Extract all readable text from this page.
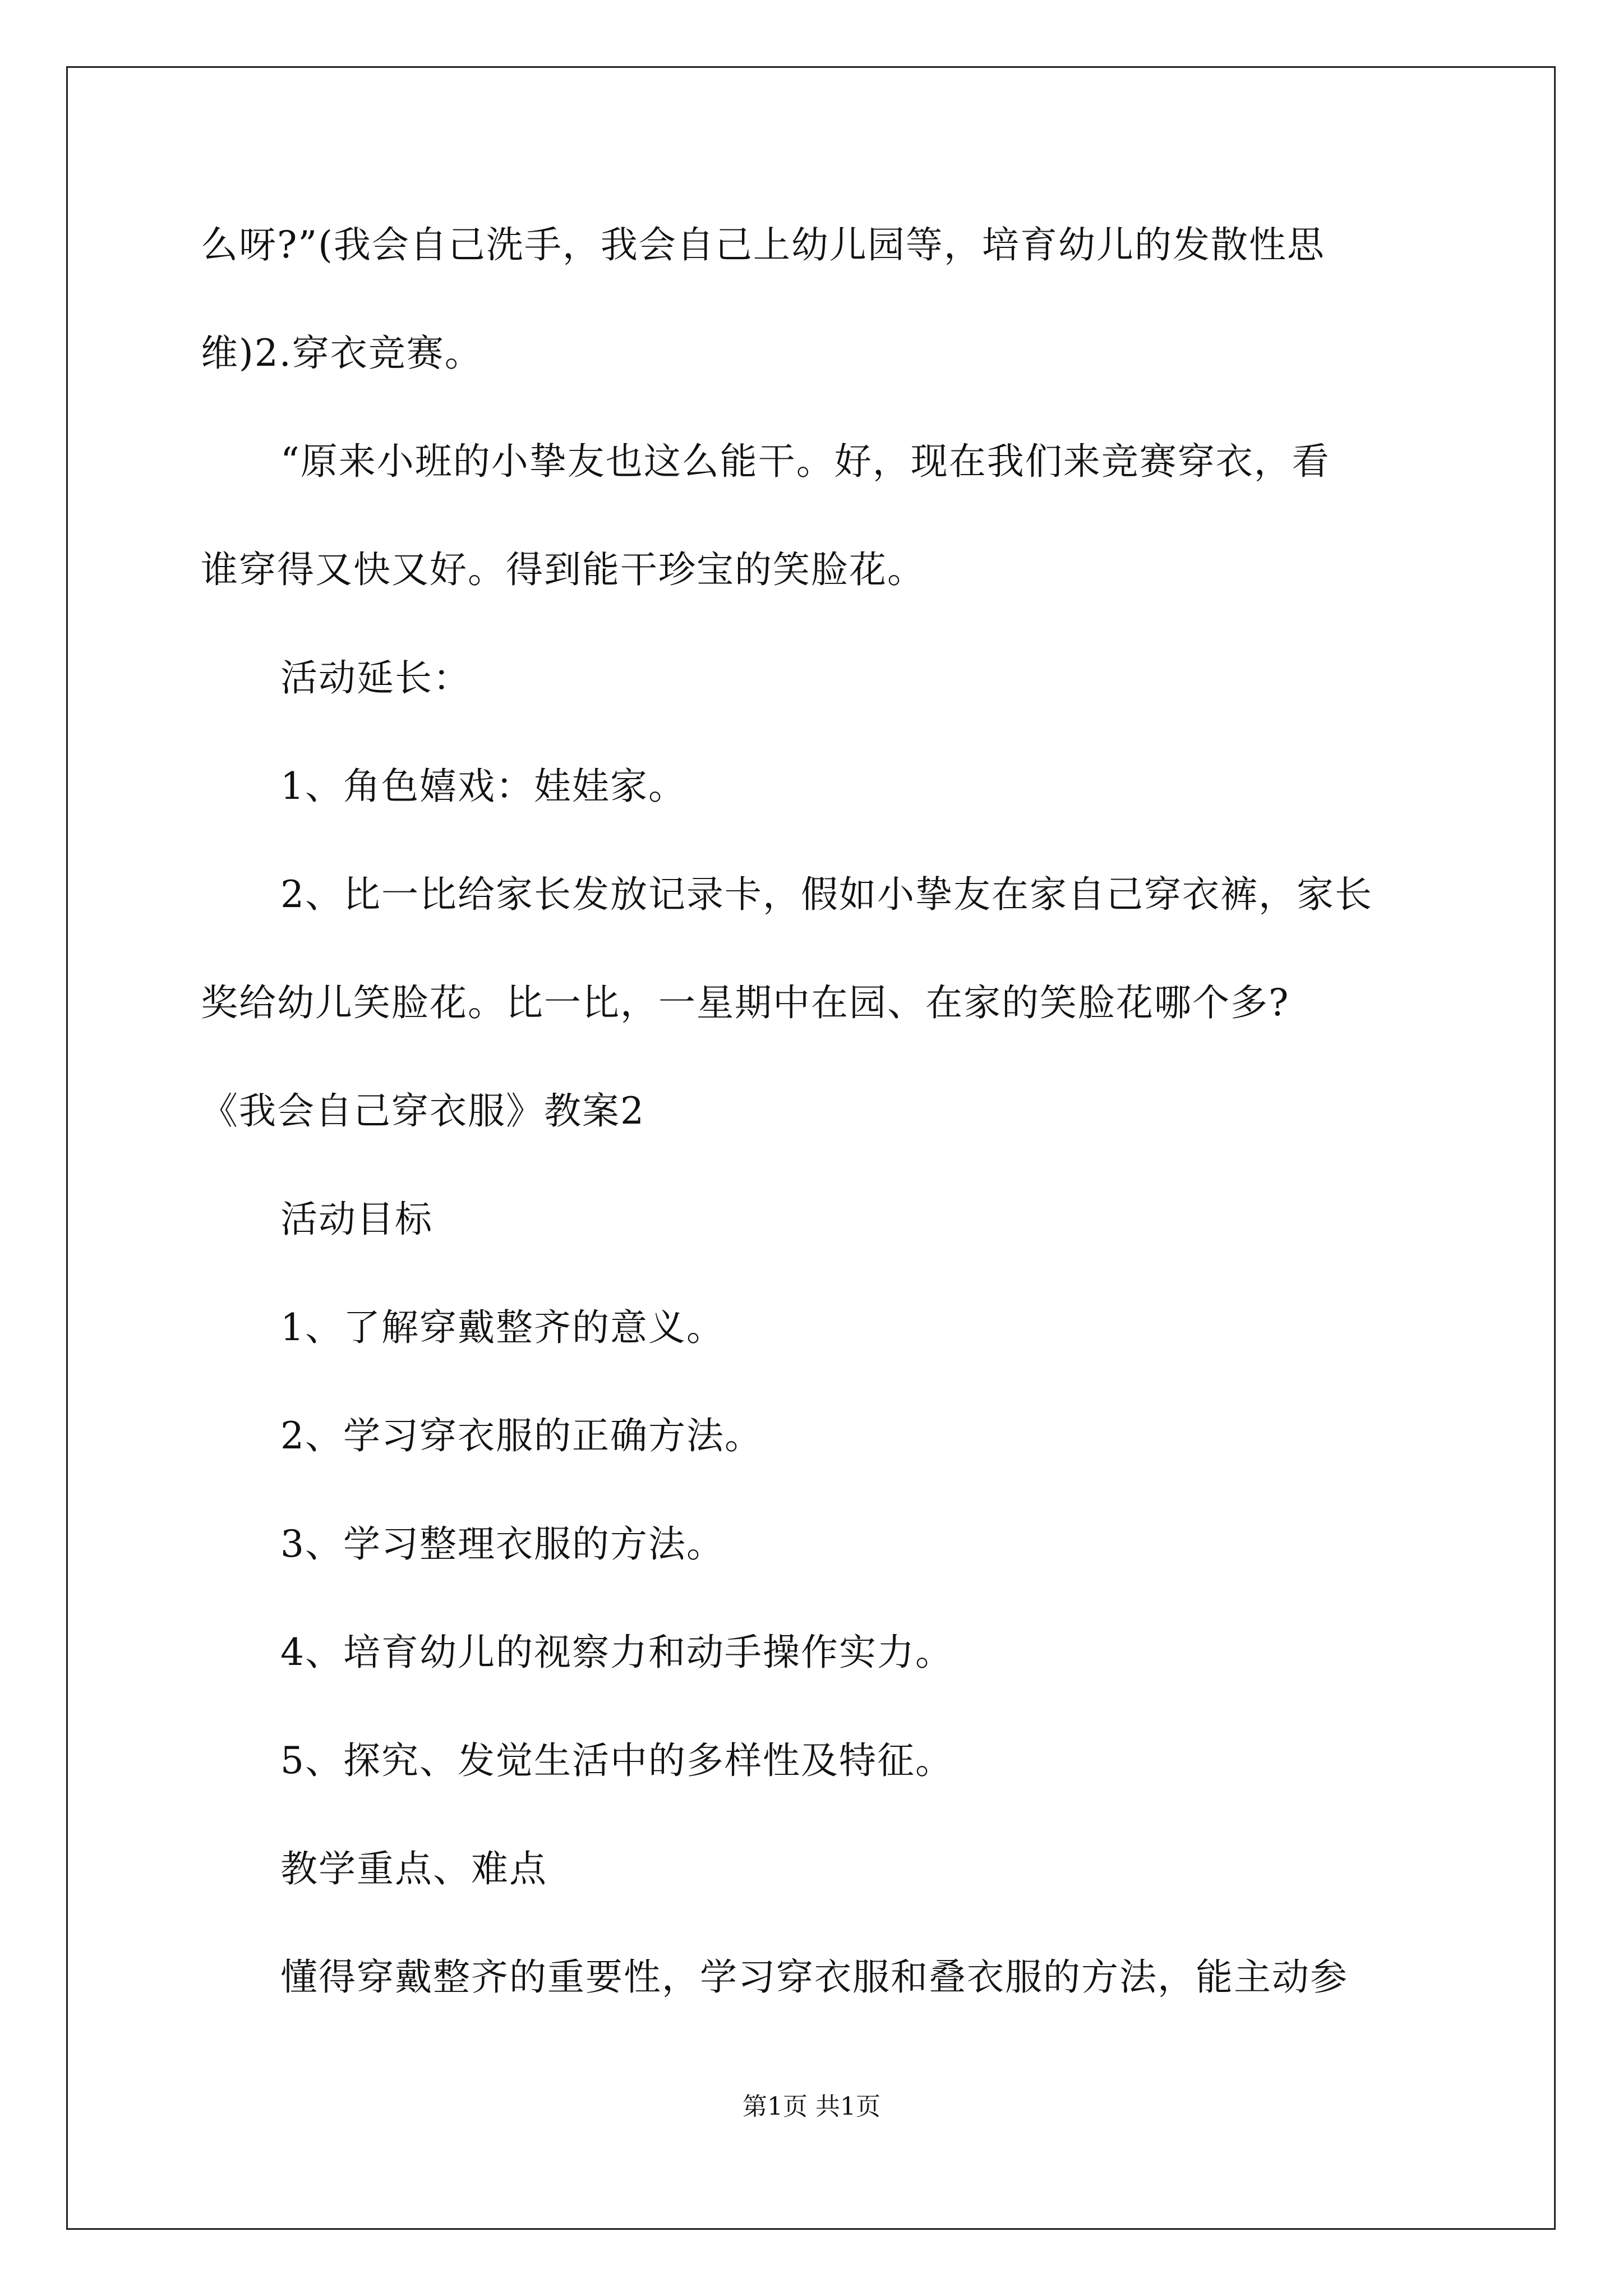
么呀?”(我会自己洗手，我会自己上幼儿园等，培育幼儿的发散性思
维)2.穿衣竞赛。
“原来小班的小挚友也这么能干。好，现在我们来竞赛穿衣，看
谁穿得又快又好。得到能干珍宝的笑脸花。
活动延长：
1、角色嬉戏：娃娃家。
2、比一比给家长发放记录卡，假如小挚友在家自己穿衣裤，家长
奖给幼儿笑脸花。比一比，一星期中在园、在家的笑脸花哪个多?
《我会自己穿衣服》教案2
活动目标
1、了解穿戴整齐的意义。
2、学习穿衣服的正确方法。
3、学习整理衣服的方法。
4、培育幼儿的视察力和动手操作实力。
5、探究、发觉生活中的多样性及特征。
教学重点、难点
懂得穿戴整齐的重要性，学习穿衣服和叠衣服的方法，能主动参
第1页 共1页
